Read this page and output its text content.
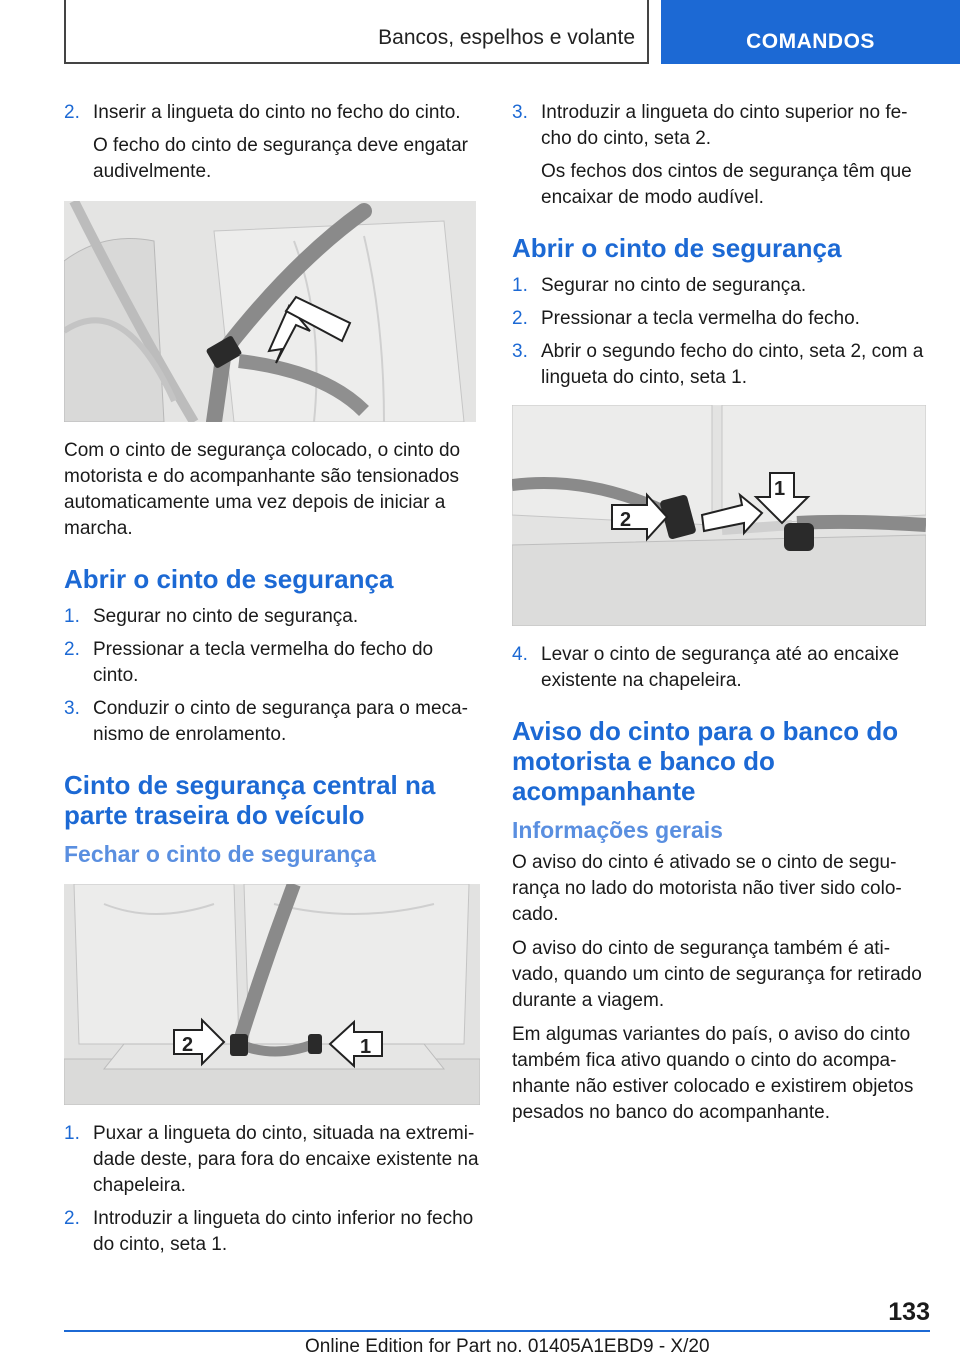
Bancos, espelhos e volante	COMANDOS
2. Inserir a lingueta do cinto no fecho do cinto.
O fecho do cinto de segurança deve engatar audivelmente.
Com o cinto de segurança colocado, o cinto do motorista e do acompanhante são tensionados automaticamente uma vez depois de iniciar a marcha.
Abrir o cinto de segurança
1. Segurar no cinto de segurança.
2. Pressionar a tecla vermelha do fecho do cinto.
3. Conduzir o cinto de segurança para o mecanismo de enrolamento.
Cinto de segurança central na parte traseira do veículo
Fechar o cinto de segurança
2	1
1. Puxar a lingueta do cinto, situada na extremidade deste, para fora do encaixe existente na chapeleira.
2. Introduzir a lingueta do cinto inferior no fecho do cinto, seta 1.
3. Introduzir a lingueta do cinto superior no fecho do cinto, seta 2.
Os fechos dos cintos de segurança têm que encaixar de modo audível.
Abrir o cinto de segurança
1. Segurar no cinto de segurança.
2. Pressionar a tecla vermelha do fecho.
3. Abrir o segundo fecho do cinto, seta 2, com a lingueta do cinto, seta 1.
1
2
4. Levar o cinto de segurança até ao encaixe existente na chapeleira.
Aviso do cinto para o banco do motorista e banco do acompanhante
Informações gerais
O aviso do cinto é ativado se o cinto de segurança no lado do motorista não tiver sido colocado.
O aviso do cinto de segurança também é ativado, quando um cinto de segurança for retirado durante a viagem.
Em algumas variantes do país, o aviso do cinto também fica ativo quando o cinto do acompanhante não estiver colocado e existirem objetos pesados no banco do acompanhante.
133
Online Edition for Part no. 01405A1EBD9 - X/20
